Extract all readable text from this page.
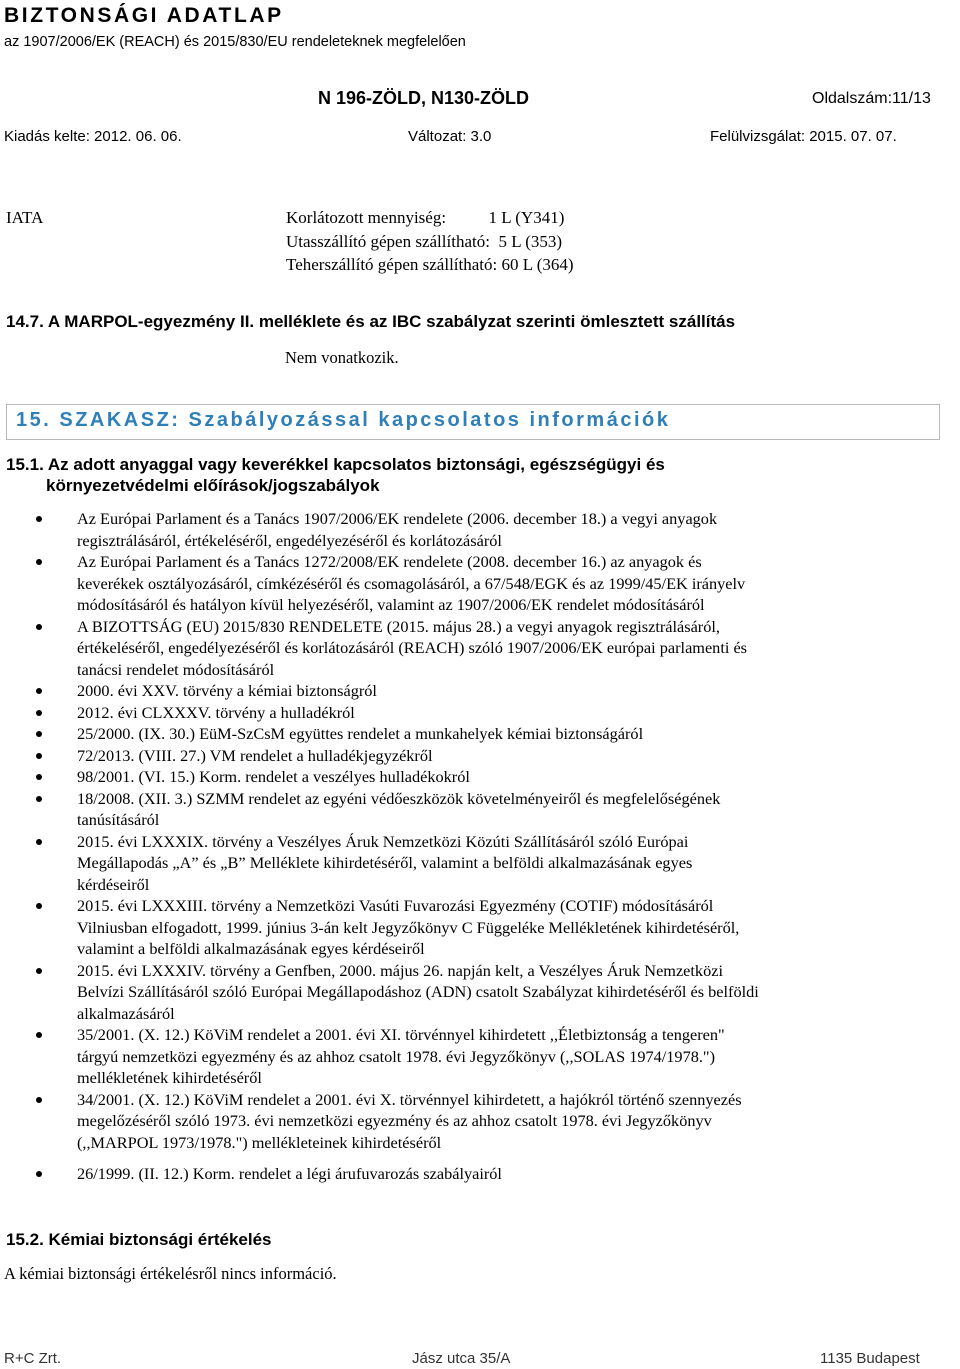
BIZTONSÁGI ADATLAP
az 1907/2006/EK (REACH) és 2015/830/EU rendeleteknek megfelelően
N 196-ZÖLD, N130-ZÖLD	Oldalszám:11/13
Kiadás kelte: 2012. 06. 06.	Változat: 3.0	Felülvizsgálat: 2015. 07. 07.
IATA	Korlátozott mennyiség:          1 L (Y341)
Utasszállító gépen szállítható:  5 L (353)
Teherszállító gépen szállítható: 60 L (364)
14.7. A MARPOL-egyezmény II. melléklete és az IBC szabályzat szerinti ömlesztett szállítás
Nem vonatkozik.
15. SZAKASZ: Szabályozással kapcsolatos információk
15.1. Az adott anyaggal vagy keverékkel kapcsolatos biztonsági, egészségügyi és
környezetvédelmi előírások/jogszabályok
Az Európai Parlament és a Tanács 1907/2006/EK rendelete (2006. december 18.) a vegyi anyagok
regisztrálásáról, értékeléséről, engedélyezéséről és korlátozásáról
Az Európai Parlament és a Tanács 1272/2008/EK rendelete (2008. december 16.) az anyagok és
keverékek osztályozásáról, címkézéséről és csomagolásáról, a 67/548/EGK és az 1999/45/EK irányelv
módosításáról és hatályon kívül helyezéséről, valamint az 1907/2006/EK rendelet módosításáról
A BIZOTTSÁG (EU) 2015/830 RENDELETE (2015. május 28.) a vegyi anyagok regisztrálásáról,
értékeléséről, engedélyezéséről és korlátozásáról (REACH) szóló 1907/2006/EK európai parlamenti és
tanácsi rendelet módosításáról
2000. évi XXV. törvény a kémiai biztonságról
2012. évi CLXXXV. törvény a hulladékról
25/2000. (IX. 30.) EüM-SzCsM együttes rendelet a munkahelyek kémiai biztonságáról
72/2013. (VIII. 27.) VM rendelet a hulladékjegyzékről
98/2001. (VI. 15.) Korm. rendelet a veszélyes hulladékokról
18/2008. (XII. 3.) SZMM rendelet az egyéni védőeszközök követelményeiről és megfelelőségének
tanúsításáról
2015. évi LXXXIX. törvény a Veszélyes Áruk Nemzetközi Közúti Szállításáról szóló Európai
Megállapodás „A” és „B” Melléklete kihirdetéséről, valamint a belföldi alkalmazásának egyes
kérdéseiről
2015. évi LXXXIII. törvény a Nemzetközi Vasúti Fuvarozási Egyezmény (COTIF) módosításáról
Vilniusban elfogadott, 1999. június 3-án kelt Jegyzőkönyv C Függeléke Mellékletének kihirdetéséről,
valamint a belföldi alkalmazásának egyes kérdéseiről
2015. évi LXXXIV. törvény a Genfben, 2000. május 26. napján kelt, a Veszélyes Áruk Nemzetközi
Belvízi Szállításáról szóló Európai Megállapodáshoz (ADN) csatolt Szabályzat kihirdetéséről és belföldi
alkalmazásáról
35/2001. (X. 12.) KöViM rendelet a 2001. évi XI. törvénnyel kihirdetett ,,Életbiztonság a tengeren"
tárgyú nemzetközi egyezmény és az ahhoz csatolt 1978. évi Jegyzőkönyv (,,SOLAS 1974/1978.")
mellékletének kihirdetéséről
34/2001. (X. 12.) KöViM rendelet a 2001. évi X. törvénnyel kihirdetett, a hajókról történő szennyezés
megelőzéséről szóló 1973. évi nemzetközi egyezmény és az ahhoz csatolt 1978. évi Jegyzőkönyv
(,,MARPOL 1973/1978.") mellékleteinek kihirdetéséről
26/1999. (II. 12.) Korm. rendelet a légi árufuvarozás szabályairól
15.2. Kémiai biztonsági értékelés
A kémiai biztonsági értékelésről nincs információ.
R+C Zrt.	Jász utca 35/A	1135 Budapest
